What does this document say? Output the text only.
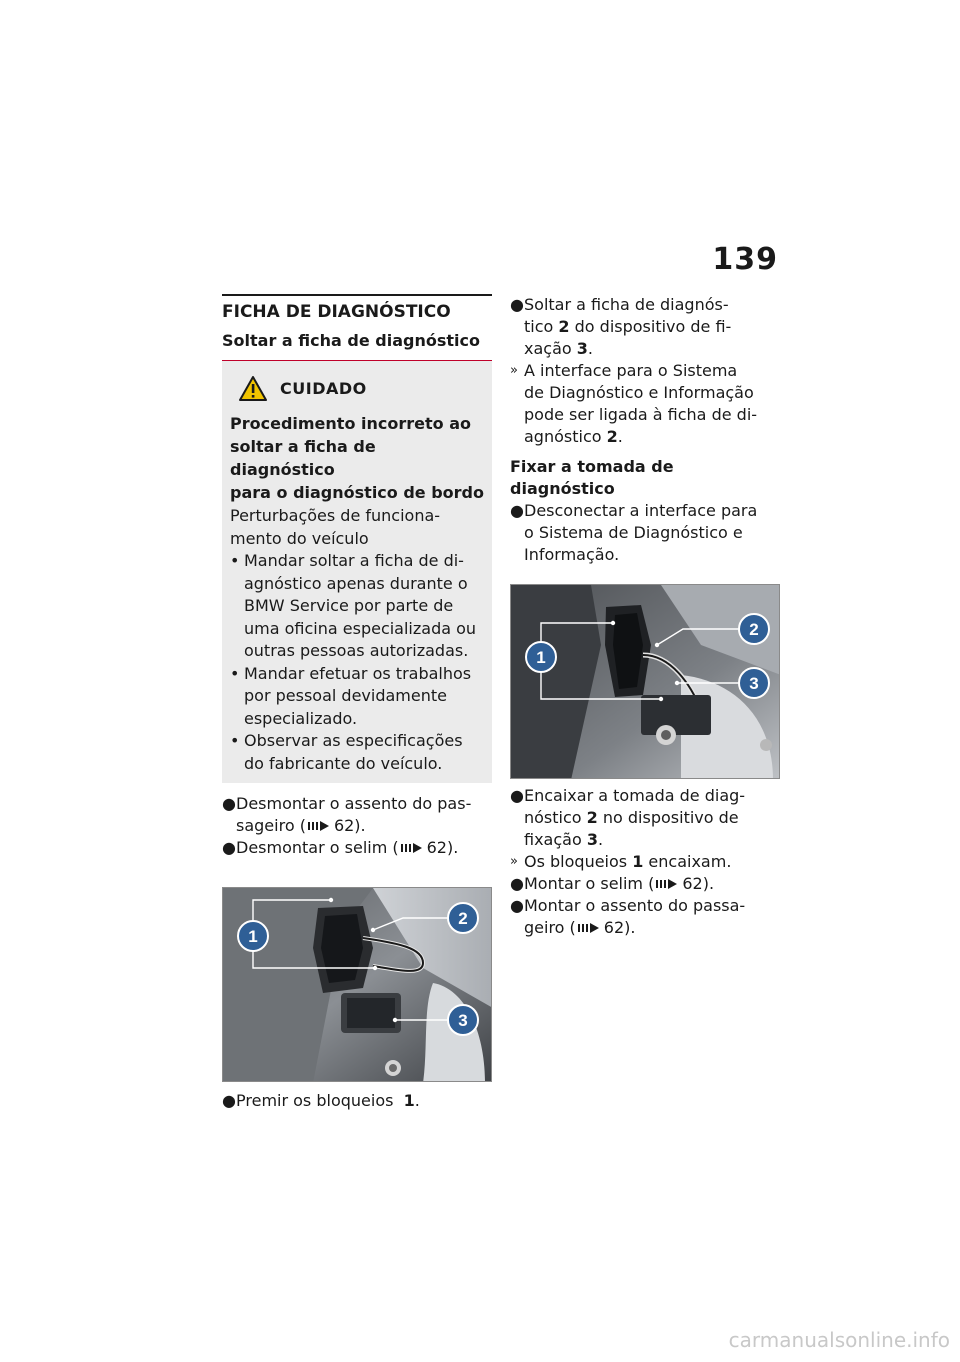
139
FICHA DE DIAGNÓSTICO
Soltar a ficha de diagnóstico
CUIDADO
Procedimento incorreto ao
soltar a ficha de diagnóstico
para o diagnóstico de bordo
Perturbações de funciona-
mento do veículo
• Mandar soltar a ficha de di-
agnóstico apenas durante o
BMW Service por parte de
uma oficina especializada ou
outras pessoas autorizadas.
• Mandar efetuar os trabalhos
por pessoal devidamente
especializado.
• Observar as especificações
do fabricante do veículo.
● Desmontar o assento do pas-
sageiro ( 62).
● Desmontar o selim ( 62).
1
2
3
● Premir os bloqueios 1.
● Soltar a ficha de diagnós-
tico 2 do dispositivo de fi-
xação 3.
» A interface para o Sistema
de Diagnóstico e Informação
pode ser ligada à ficha de di-
agnóstico 2.
Fixar a tomada de diagnóstico
● Desconectar a interface para
o Sistema de Diagnóstico e
Informação.
1
2
3
● Encaixar a tomada de diag-
nóstico 2 no dispositivo de
fixação 3.
» Os bloqueios 1 encaixam.
● Montar o selim ( 62).
● Montar o assento do passa-
geiro ( 62).
carmanualsonline.info
